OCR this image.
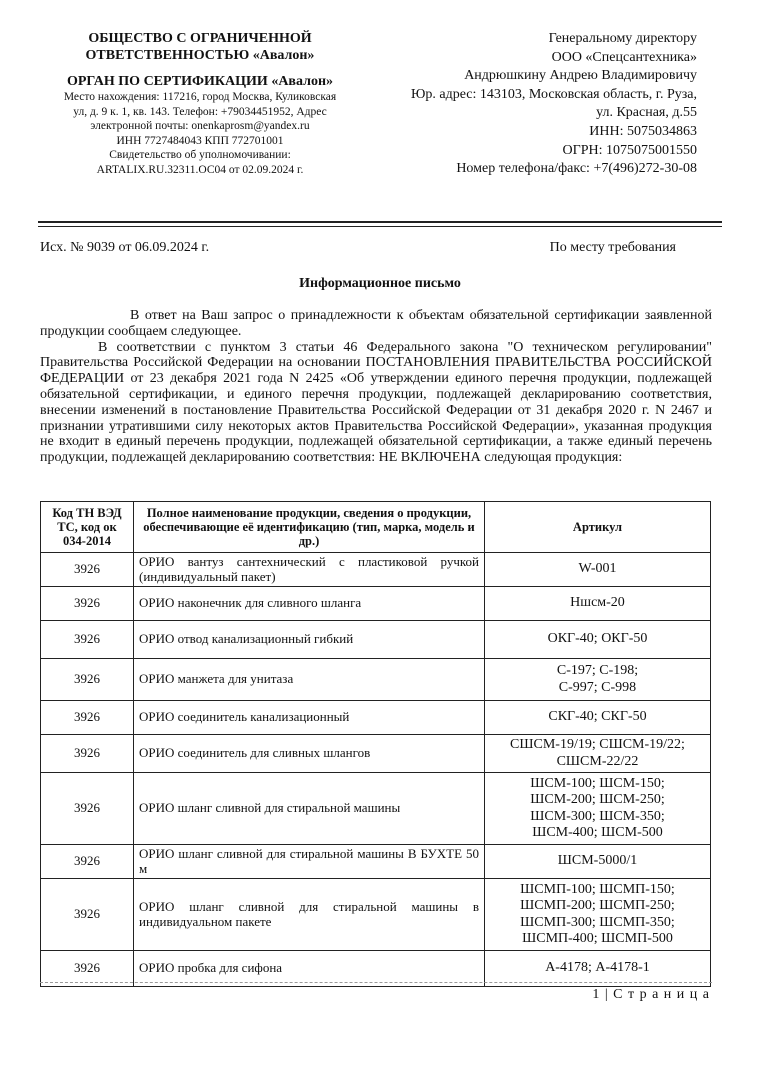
ОБЩЕСТВО С ОГРАНИЧЕННОЙ
ОТВЕТСТВЕННОСТЬЮ «Авалон»
ОРГАН ПО СЕРТИФИКАЦИИ «Авалон»
Место нахождения: 117216, город Москва, Куликовская
ул, д. 9 к. 1, кв. 143. Телефон: +79034451952, Адрес
электронной почты: onenkaprosm@yandex.ru
ИНН 7727484043 КПП 772701001
Свидетельство об уполномочивании:
ARTALIX.RU.32311.ОС04 от 02.09.2024 г.
Генеральному директору
ООО «Спецсантехника»
Андрюшкину Андрею Владимировичу
Юр. адрес: 143103, Московская область, г. Руза,
ул. Красная, д.55
ИНН: 5075034863
ОГРН: 1075075001550
Номер телефона/факс: +7(496)272-30-08
Исх. № 9039 от 06.09.2024 г.	По месту требования
Информационное письмо

В ответ на Ваш запрос о принадлежности к объектам обязательной сертификации заявленной продукции сообщаем следующее.

В соответствии с пунктом 3 статьи 46 Федерального закона "О техническом регулировании" Правительства Российской Федерации на основании ПОСТАНОВЛЕНИЯ ПРАВИТЕЛЬСТВА РОССИЙСКОЙ ФЕДЕРАЦИИ от 23 декабря 2021 года N 2425 «Об утверждении единого перечня продукции, подлежащей обязательной сертификации, и единого перечня продукции, подлежащей декларированию соответствия, внесении изменений в постановление Правительства Российской Федерации от 31 декабря 2020 г. N 2467 и признании утратившими силу некоторых актов Правительства Российской Федерации», указанная продукция не входит в единый перечень продукции, подлежащей обязательной сертификации, а также единый перечень продукции, подлежащей декларированию соответствия: НЕ ВКЛЮЧЕНА следующая продукция:

Код ТН ВЭД ТС, код ок 034-2014	Полное наименование продукции, сведения о продукции, обеспечивающие её идентификацию (тип, марка, модель и др.)	Артикул
3926	ОРИО вантуз сантехнический с пластиковой ручкой (индивидуальный пакет)	W-001
3926	ОРИО наконечник для сливного шланга	Ншсм-20
3926	ОРИО отвод канализационный гибкий	ОКГ-40; ОКГ-50
3926	ОРИО манжета для унитаза	С-197; С-198;
С-997; С-998
3926	ОРИО соединитель канализационный	СКГ-40; СКГ-50
3926	ОРИО соединитель для сливных шлангов	СШСМ-19/19; СШСМ-19/22;
СШСМ-22/22
3926	ОРИО шланг сливной для стиральной машины	ШСМ-100; ШСМ-150;
ШСМ-200; ШСМ-250;
ШСМ-300; ШСМ-350;
ШСМ-400; ШСМ-500
3926	ОРИО шланг сливной для стиральной машины В БУХТЕ 50 м	ШСМ-5000/1
3926	ОРИО шланг сливной для стиральной машины в индивидуальном пакете	ШСМП-100; ШСМП-150;
ШСМП-200; ШСМП-250;
ШСМП-300; ШСМП-350;
ШСМП-400; ШСМП-500
3926	ОРИО пробка для сифона	А-4178; А-4178-1
1 | С т р а н и ц а
